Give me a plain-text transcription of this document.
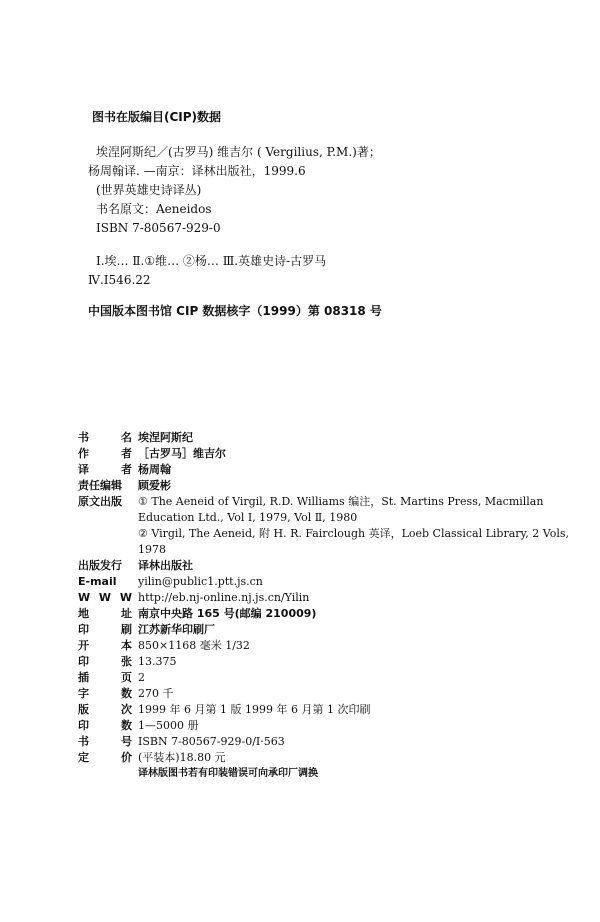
图书在版编目(CIP)数据
埃涅阿斯纪／(古罗马) 维吉尔 ( Vergilius, P.M.)著；
杨周翰译. —南京：译林出版社，1999.6
(世界英雄史诗译丛)
书名原文：Aeneidos
ISBN 7-80567-929-0
Ⅰ.埃… Ⅱ.①维… ②杨… Ⅲ.英雄史诗-古罗马
Ⅳ.I546.22
中国版本图书馆 CIP 数据核字（1999）第 08318 号
书	名 埃涅阿斯纪

作	者 ［古罗马］维吉尔

译	者 杨周翰

责任编辑 顾爱彬

原文出版 ① The Aeneid of Virgil, R.D. Williams 编注，St. Martins Press, Macmillan Education Ltd., Vol Ⅰ, 1979, Vol Ⅱ, 1980

② Virgil, The Aeneid, 附 H. R. Fairclough 英译，Loeb Classical Library, 2 Vols, 1978

出版发行 译林出版社

E-mail yilin@public1.ptt.js.cn

W W W http://eb.nj-online.nj.js.cn/Yilin

地	址 南京中央路 165 号(邮编 210009)

印	刷 江苏新华印刷厂

开	本 850×1168 毫米 1/32

印	张 13.375

插	页 2

字	数 270 千

版	次 1999 年 6 月第 1 版 1999 年 6 月第 1 次印刷

印	数 1—5000 册

书	号 ISBN 7-80567-929-0/I·563

定	价 (平装本)18.80 元

译林版图书若有印装错误可向承印厂调换
